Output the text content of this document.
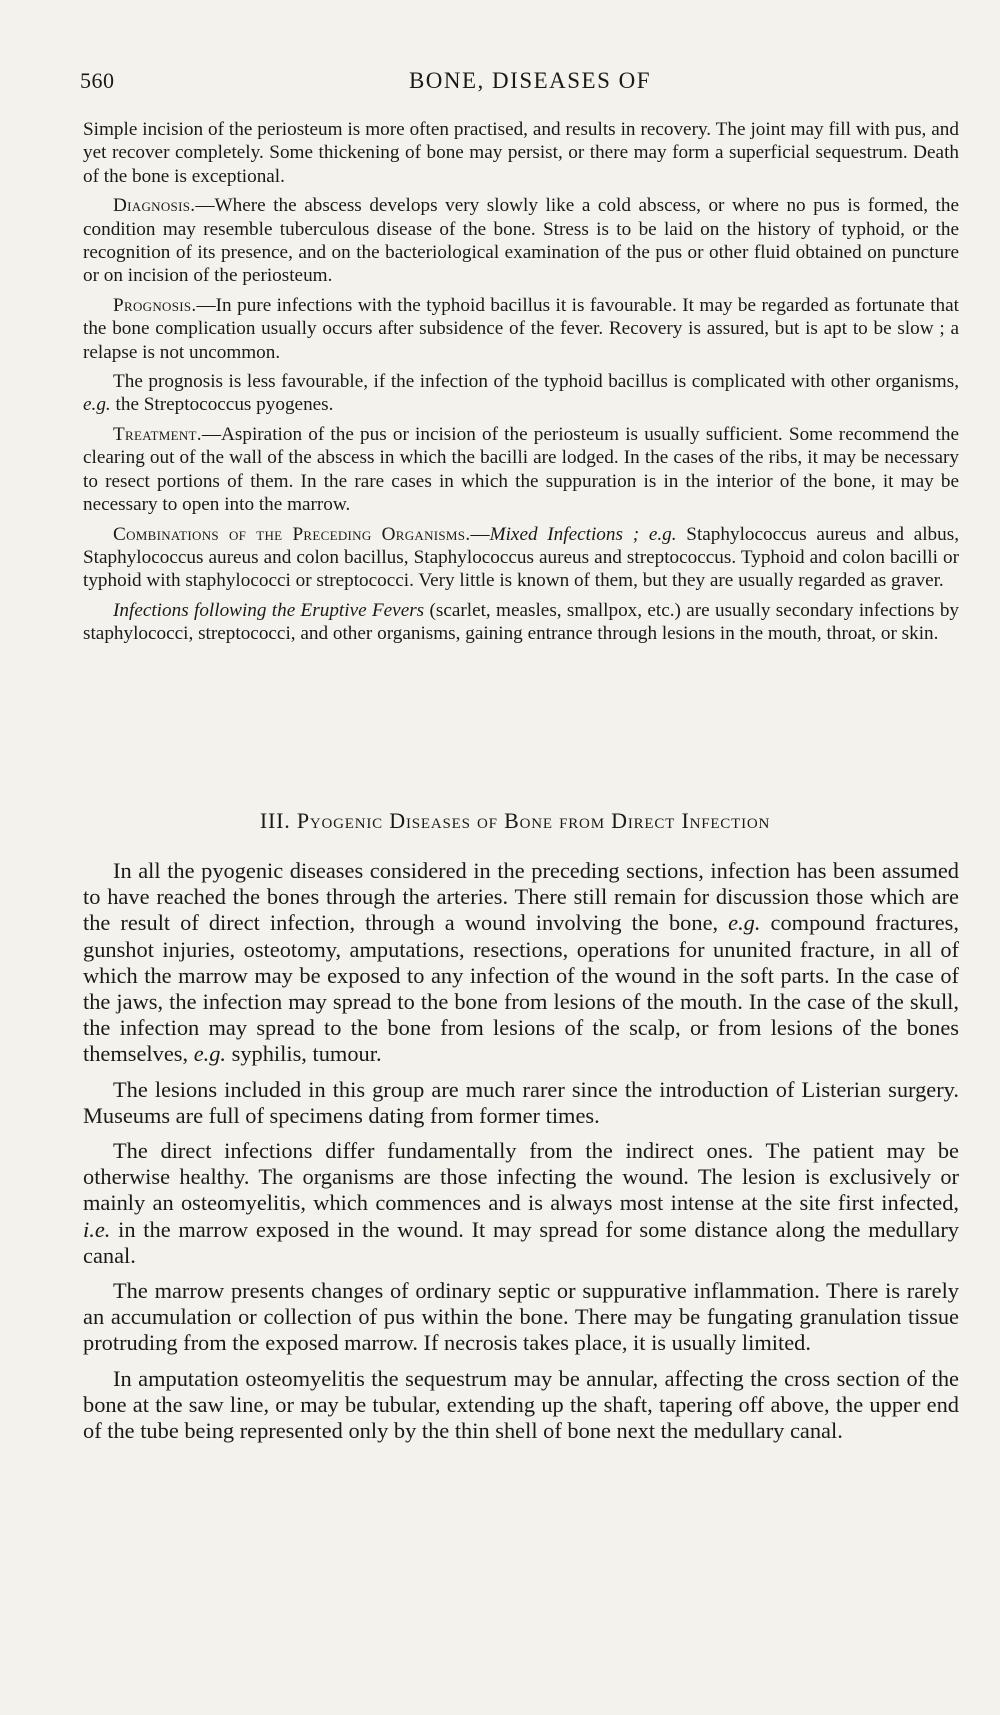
560	BONE, DISEASES OF

Simple incision of the periosteum is more often practised, and results in recovery. The joint may fill with pus, and yet recover completely. Some thickening of bone may persist, or there may form a superficial sequestrum. Death of the bone is exceptional.

Diagnosis.—Where the abscess develops very slowly like a cold abscess, or where no pus is formed, the condition may resemble tuberculous disease of the bone. Stress is to be laid on the history of typhoid, or the recognition of its presence, and on the bacteriological examination of the pus or other fluid obtained on puncture or on incision of the periosteum.

Prognosis.—In pure infections with the typhoid bacillus it is favourable. It may be regarded as fortunate that the bone complication usually occurs after subsidence of the fever. Recovery is assured, but is apt to be slow ; a relapse is not uncommon.

The prognosis is less favourable, if the infection of the typhoid bacillus is complicated with other organisms, e.g. the Streptococcus pyogenes.

Treatment.—Aspiration of the pus or incision of the periosteum is usually sufficient. Some recommend the clearing out of the wall of the abscess in which the bacilli are lodged. In the cases of the ribs, it may be necessary to resect portions of them. In the rare cases in which the suppuration is in the interior of the bone, it may be necessary to open into the marrow.

Combinations of the Preceding Organisms.—Mixed Infections ; e.g. Staphylococcus aureus and albus, Staphylococcus aureus and colon bacillus, Staphylococcus aureus and streptococcus. Typhoid and colon bacilli or typhoid with staphylococci or streptococci. Very little is known of them, but they are usually regarded as graver.

Infections following the Eruptive Fevers (scarlet, measles, smallpox, etc.) are usually secondary infections by staphylococci, streptococci, and other organisms, gaining entrance through lesions in the mouth, throat, or skin.

III. Pyogenic Diseases of Bone from Direct Infection

In all the pyogenic diseases considered in the preceding sections, infection has been assumed to have reached the bones through the arteries. There still remain for discussion those which are the result of direct infection, through a wound involving the bone, e.g. compound fractures, gunshot injuries, osteotomy, amputations, resections, operations for ununited fracture, in all of which the marrow may be exposed to any infection of the wound in the soft parts. In the case of the jaws, the infection may spread to the bone from lesions of the mouth. In the case of the skull, the infection may spread to the bone from lesions of the scalp, or from lesions of the bones themselves, e.g. syphilis, tumour.

The lesions included in this group are much rarer since the introduction of Listerian surgery. Museums are full of specimens dating from former times.

The direct infections differ fundamentally from the indirect ones. The patient may be otherwise healthy. The organisms are those infecting the wound. The lesion is exclusively or mainly an osteomyelitis, which commences and is always most intense at the site first infected, i.e. in the marrow exposed in the wound. It may spread for some distance along the medullary canal.

The marrow presents changes of ordinary septic or suppurative inflammation. There is rarely an accumulation or collection of pus within the bone. There may be fungating granulation tissue protruding from the exposed marrow. If necrosis takes place, it is usually limited.

In amputation osteomyelitis the sequestrum may be annular, affecting the cross section of the bone at the saw line, or may be tubular, extending up the shaft, tapering off above, the upper end of the tube being represented only by the thin shell of bone next the medullary canal.
